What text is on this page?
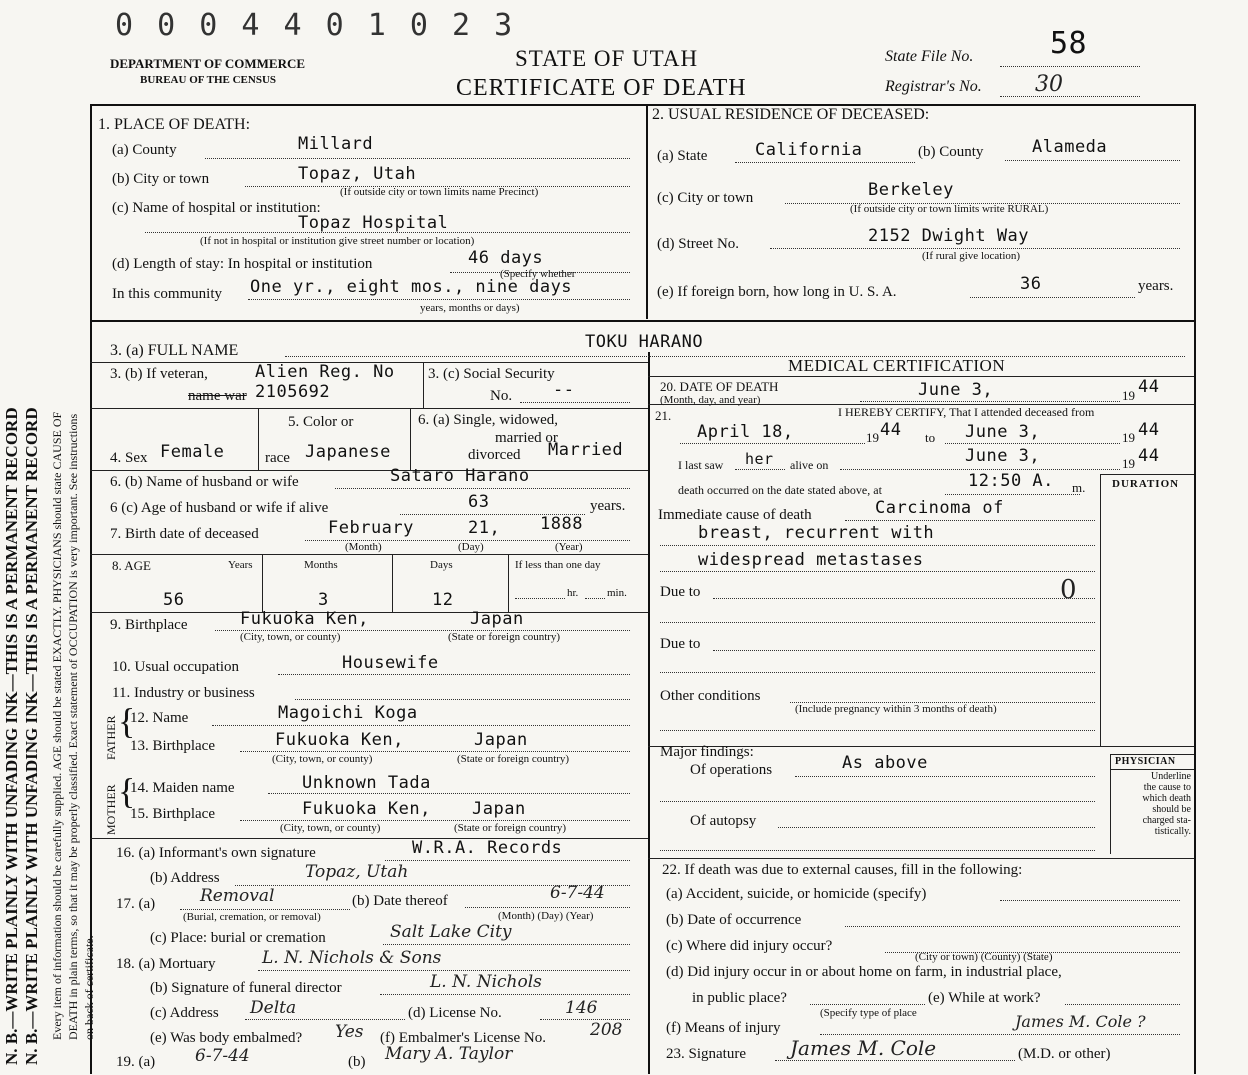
N. B.—WRITE PLAINLY WITH UNFADING INK—THIS IS A PERMANENT RECORD N. B.—WRITE PLAINLY WITH UNFADING INK—THIS IS A PERMANENT RECORD Every item of information should be carefully supplied. AGE should be stated EXACTLY. PHYSICIANS should state CAUSE OF DEATH in plain terms, so that it may be properly classified. Exact statement of OCCUPATION is very important. See instructions on back of certificate.
0 0 0 4 4 0 1 0 2 3
DEPARTMENT OF COMMERCE
BUREAU OF THE CENSUS
STATE OF UTAH
CERTIFICATE OF DEATH
State File No.	58
Registrar's No. 30
1. PLACE OF DEATH:
(a) County	Millard
(b) City or town	Topaz, Utah
(If outside city or town limits name Precinct)
(c) Name of hospital or institution:
Topaz Hospital
(If not in hospital or institution give street number or location)
(d) Length of stay: In hospital or institution	46 days
(Specify whether
In this community One yr., eight mos., nine days
years, months or days)
2. USUAL RESIDENCE OF DECEASED:
(a) State	California	(b) County	Alameda
(c) City or town	Berkeley
(If outside city or town limits write RURAL)
(d) Street No.	2152 Dwight Way
(If rural give location)
(e) If foreign born, how long in U. S. A.	36	years.
3. (a) FULL NAME	TOKU HARANO
3. (b) If veteran,
name war
Alien Reg. No
2105692
3. (c) Social Security
No. --
4. Sex Female
5. Color or
race Japanese
6. (a) Single, widowed,
married or
divorced Married
6. (b) Name of husband or wife	Sataro Harano
6 (c) Age of husband or wife if alive	63	years.
7. Birth date of deceased	February	21, 1888
(Month)	(Day)	(Year)
8. AGE	Years	Months	Days	If less than one day
56	3	12	hr.	min.
9. Birthplace	Fukuoka Ken,	Japan
(City, town, or county)	(State or foreign country)
10. Usual occupation	Housewife
11. Industry or business
FATHER
MOTHER
{
{
12. Name	Magoichi Koga
13. Birthplace	Fukuoka Ken,	Japan
(City, town, or county)	(State or foreign country)
14. Maiden name	Unknown Tada
15. Birthplace	Fukuoka Ken, Japan
(City, town, or county)	(State or foreign country)
16. (a) Informant's own signature	W.R.A. Records
(b) Address	Topaz, Utah
17. (a)	Removal
(Burial, cremation, or removal)
(b) Date thereof	6-7-44
(Month) (Day) (Year)
(c) Place: burial or cremation	Salt Lake City
18. (a) Mortuary	L. N. Nichols & Sons
(b) Signature of funeral director	L. N. Nichols
(c) Address Delta	(d) License No.	146
(e) Was body embalmed? Yes (f) Embalmer's License No.	208
19. (a) 6-7-44	(b) Mary A. Taylor
MEDICAL CERTIFICATION
20. DATE OF DEATH
(Month, day, and year)	June 3,	19 44
21.	I HEREBY CERTIFY, That I attended deceased from
April 18,	19 44 to June 3,	19 44
I last saw her alive on	June 3,	19 44
death occurred on the date stated above, at	12:50 A. m. DURATION
Immediate cause of death	Carcinoma of
breast, recurrent with
widespread metastases
0
Due to
Due to
Other conditions
(Include pregnancy within 3 months of death)
Major findings:
Of operations	As above
Of autopsy
PHYSICIAN
Underline
the cause to
which death
should be
charged sta-
tistically.
22. If death was due to external causes, fill in the following:
(a) Accident, suicide, or homicide (specify)
(b) Date of occurrence
(c) Where did injury occur?
(City or town) (County) (State)
(d) Did injury occur in or about home on farm, in industrial place,
in public place?
(Specify type of place
(e) While at work?
(f) Means of injury	James M. Cole ?
23. Signature James M. Cole	(M.D. or other)
